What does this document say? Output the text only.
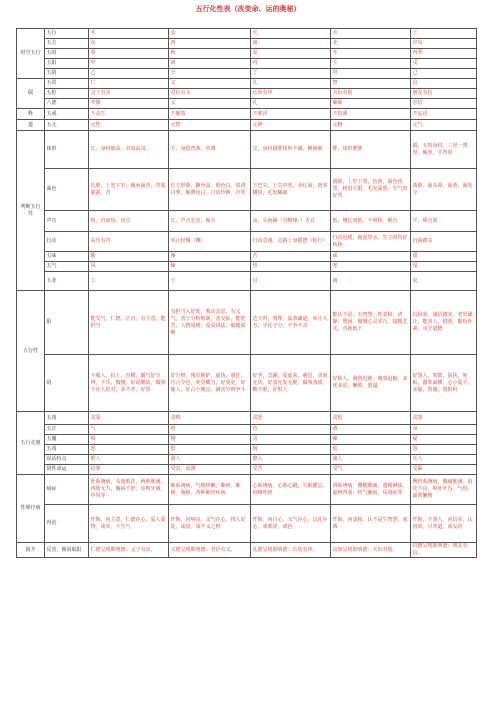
五行化性表（改变命、运的奥秘）
时空五行	五行	木	金	火	水	土
	五方	东	西	南	北	中央
	五时	春	秋	夏	冬	四季
	五阳	甲	庚	丙	壬	戊
	五阴	乙	辛	丁	癸	己
儒	五常	仁	义	礼	智	信
	五伦	父子有亲	君臣有义	长幼有序	夫妇有别	朋友有信
	八德	孝悌	义	礼	廉耻	忠信
释	五戒	不杀生	不偷盗	不邪淫	不饮酒	不妄语
道	五元	元性	元情	元神	元精	元气
判断五行性	体形	长，身材细高，双肩高耸。	方，身段普条，单薄	尖，身材圆胖体形丰满，柳间细	胖，体形肥胖	圆，五短身材，三厚一薄厚，厮厚，手背厚
	面色	长脸，上宽下窄，瘦而面青，青筋暴露，青	长方形脸，颧骨高，脸色白，眉清目秀，厮薄齿白，口齿伶俐，冷笑	下巴尖，上尖中宽，赤红面，肉多横纹，毛发稀疏	圆脸，上窄下宽，色黄，面色淡黑，粗眉大眼，毛发深黑，生气时好哭	黄脸，面头鼻，面黄，面发少
	声音	短，直而短，齿音	长，声音宏亮，厮音	高，尖而躁（宫喉嗓，）舌音	低，慢长而低，不爽快，喉音	平，鼻音重
	行动	高压有声	举止轻慢（飘）	行动急速，走路上身摇摆（蛇行）	行动迟缓，拖泥带水，生立时均好转执	沉重踏实
	五味	酸	辣	苦	咸	甜
	五气	风	燥	热	寒	湿
	五业	工	士	官	商	农
五行性	阳	能受气，仁德，正直，有主意，能担当	有担当入好处，观动念思，有义气，善于分析纳制，善交际，能吃苦，人情周到，爱美讲法，敏捷果断	达天时，明理，温恭谦逊，举止大方，守礼守分，不争不贪	能认不是，有智慧，性柔和，清静，愁闲，傲慢心灵乖巧，接精艺术，肯就低下	信因果，诚信踏实，老厚谦让，能容人，稳重，勤俭朴素，耳守道德
	阴	不服人，抗上，直横，霸气好分辨，不乐，傲慢，好说酸话，做事不许人很对，多不孝，好怒	好分辩，残忍嫉妒，虚伪，惑狂，巧言令色，奕里藏力，好变更，好偷人，好占小便宜，淋害分辩争斗	好争，急躁，爱虚荣，刺逗，贪而无厌，好表先发无呢，做事蒸绩，瞧不眼，好恨人	好烦人，愚鲁迟钝，遇事退缩，多忧多虑，懒惰，遨遢	好怨人，笨拙，固执，死板，蠢笨面横，心小爱平，多疑，鲁愚，怨恨积
五行走朋	五毒	贪爱	贪嗔	贪怒	贪恨	贪怨
	五正	气	财	色	酒	身
	五魔	嗔	慢	贪	痴	疑
	五毒	怒	恨	恼	烦	怨
	说话特点	推人	刮人	撩人	淹人	压人
	阴性命运	招罪	受贫，命薄	受苦	受气	受累
性理疗病	病症	肝系统病，头迷眼花，两胁胀满，四肢无力，胸闷不舒，耳鸣牙痛，中风等	肺系统病，气喘咳嗽，肺痨，肺痈，肠癌，各种肺经疾病	心系统病，心胁心跳，失眠健忘，喑哑吁痞	肾系统病，腰腿酸痛，遗精淋浊，虚痨肾弱，结气瘰疬，尿毒症等	脾胃系统病，腹痛胀满，消化不良，呕吐吐泻，气短，面黄懒惰
	内治	忏悔，问主意，仁德存心，爱人爱物，成本，不生气	忏悔，问响亮，又气存心，找人好处，成盘，成不义之财	忏悔，问自心，又气存心，以礼存心，戒邪淫，戒色	忏悔，问柔和，认不是生智慧，戒酒	忏悔，不怨人，问信实，认因果，尽孝道，戒妄语
简介	反省，挽回取阳	仁德呈现即明德：父子有亲。	义德呈现即明德：君臣有义。	礼德呈现即明德：长幼有序。	良知呈现即明德：夫妇有别。	信德呈现即明德：朋友有信。
